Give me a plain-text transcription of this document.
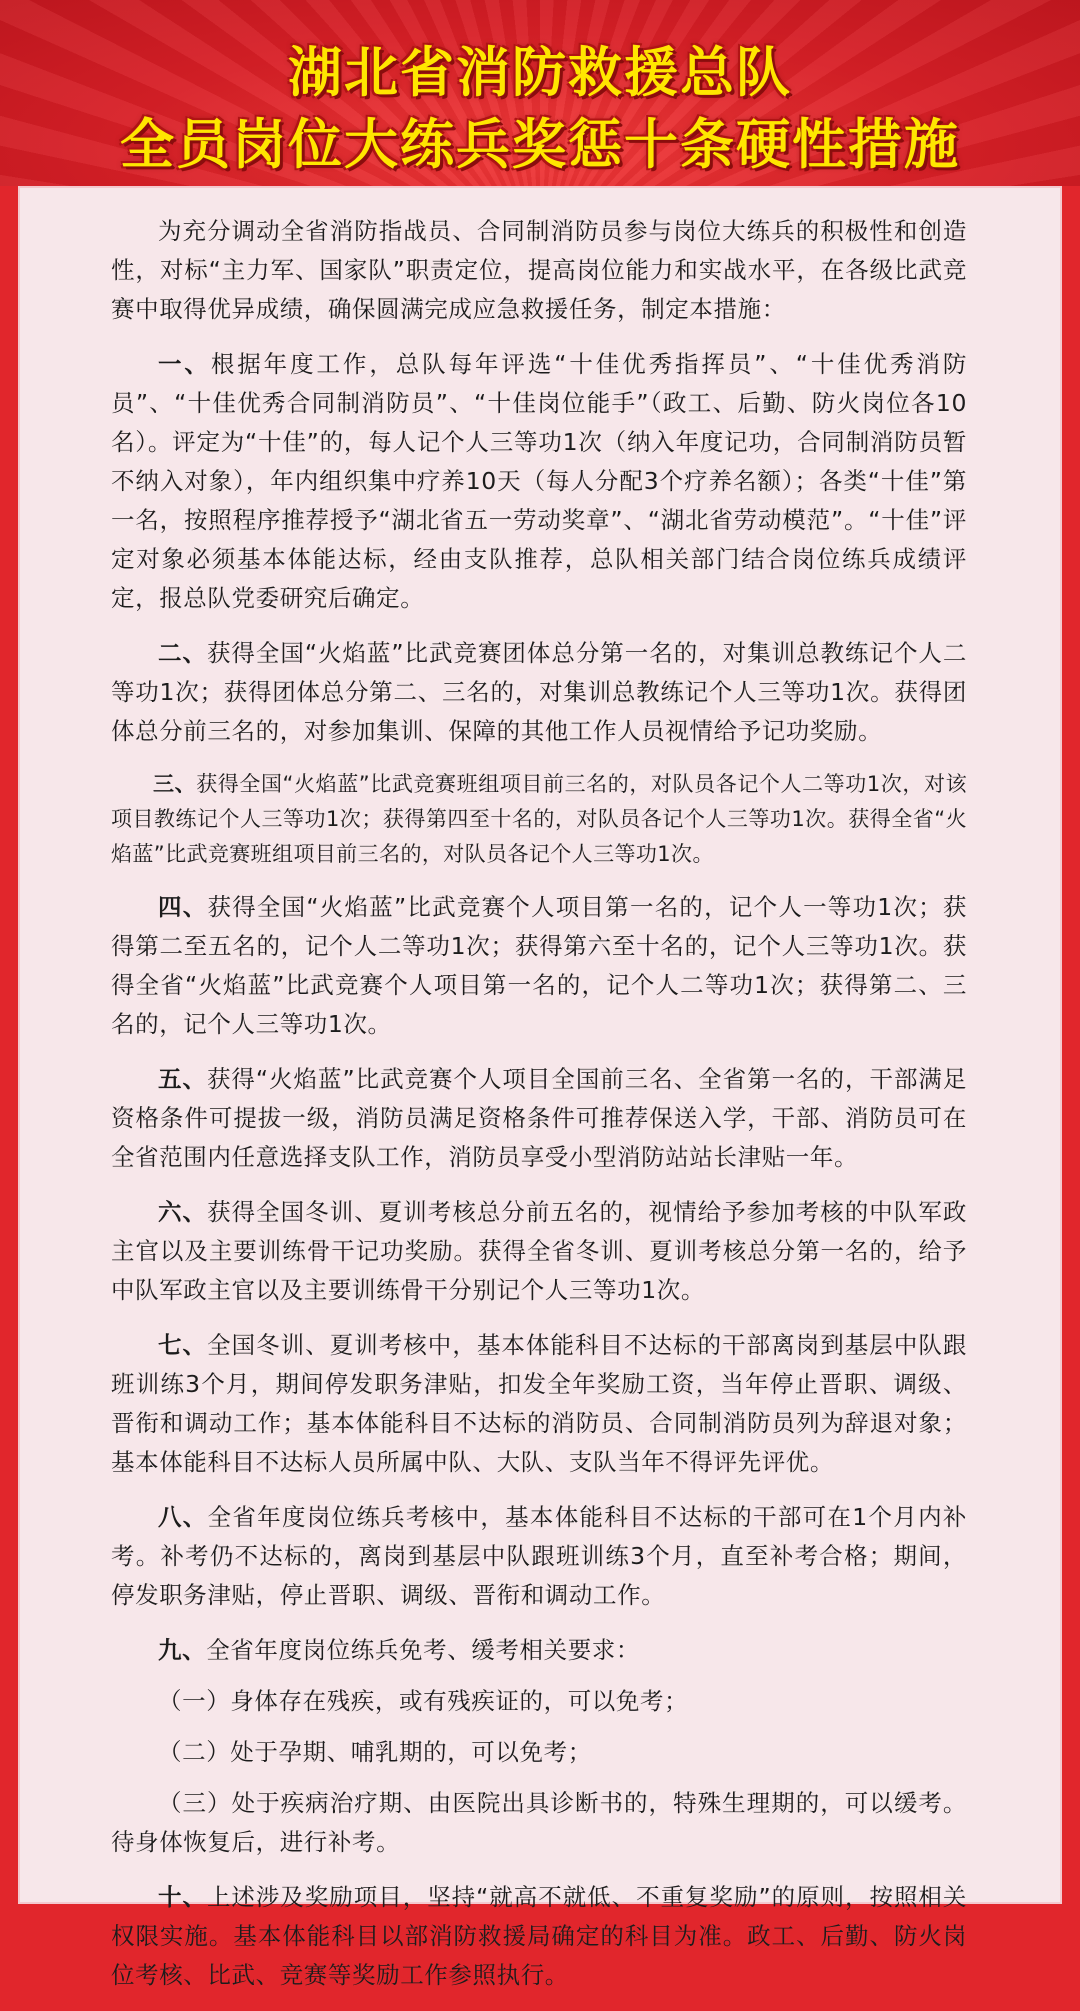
湖北省消防救援总队
全员岗位大练兵奖惩十条硬性措施

为充分调动全省消防指战员、合同制消防员参与岗位大练兵的积极性和创造性，对标“主力军、国家队”职责定位，提高岗位能力和实战水平，在各级比武竞赛中取得优异成绩，确保圆满完成应急救援任务，制定本措施：

一、根据年度工作，总队每年评选“十佳优秀指挥员”、“十佳优秀消防员”、“十佳优秀合同制消防员”、“十佳岗位能手”（政工、后勤、防火岗位各10名）。评定为“十佳”的，每人记个人三等功1次（纳入年度记功，合同制消防员暂不纳入对象），年内组织集中疗养10天（每人分配3个疗养名额）；各类“十佳”第一名，按照程序推荐授予“湖北省五一劳动奖章”、“湖北省劳动模范”。“十佳”评定对象必须基本体能达标，经由支队推荐，总队相关部门结合岗位练兵成绩评定，报总队党委研究后确定。

二、获得全国“火焰蓝”比武竞赛团体总分第一名的，对集训总教练记个人二等功1次；获得团体总分第二、三名的，对集训总教练记个人三等功1次。获得团体总分前三名的，对参加集训、保障的其他工作人员视情给予记功奖励。

三、获得全国“火焰蓝”比武竞赛班组项目前三名的，对队员各记个人二等功1次，对该项目教练记个人三等功1次；获得第四至十名的，对队员各记个人三等功1次。获得全省“火焰蓝”比武竞赛班组项目前三名的，对队员各记个人三等功1次。

四、获得全国“火焰蓝”比武竞赛个人项目第一名的，记个人一等功1次；获得第二至五名的，记个人二等功1次；获得第六至十名的，记个人三等功1次。获得全省“火焰蓝”比武竞赛个人项目第一名的，记个人二等功1次；获得第二、三名的，记个人三等功1次。

五、获得“火焰蓝”比武竞赛个人项目全国前三名、全省第一名的，干部满足资格条件可提拔一级，消防员满足资格条件可推荐保送入学，干部、消防员可在全省范围内任意选择支队工作，消防员享受小型消防站站长津贴一年。

六、获得全国冬训、夏训考核总分前五名的，视情给予参加考核的中队军政主官以及主要训练骨干记功奖励。获得全省冬训、夏训考核总分第一名的，给予中队军政主官以及主要训练骨干分别记个人三等功1次。

七、全国冬训、夏训考核中，基本体能科目不达标的干部离岗到基层中队跟班训练3个月，期间停发职务津贴，扣发全年奖励工资，当年停止晋职、调级、晋衔和调动工作；基本体能科目不达标的消防员、合同制消防员列为辞退对象；基本体能科目不达标人员所属中队、大队、支队当年不得评先评优。

八、全省年度岗位练兵考核中，基本体能科目不达标的干部可在1个月内补考。补考仍不达标的，离岗到基层中队跟班训练3个月，直至补考合格；期间，停发职务津贴，停止晋职、调级、晋衔和调动工作。

九、全省年度岗位练兵免考、缓考相关要求：

（一）身体存在残疾，或有残疾证的，可以免考；

（二）处于孕期、哺乳期的，可以免考；

（三）处于疾病治疗期、由医院出具诊断书的，特殊生理期的，可以缓考。待身体恢复后，进行补考。

十、上述涉及奖励项目，坚持“就高不就低、不重复奖励”的原则，按照相关权限实施。基本体能科目以部消防救援局确定的科目为准。政工、后勤、防火岗位考核、比武、竞赛等奖励工作参照执行。
